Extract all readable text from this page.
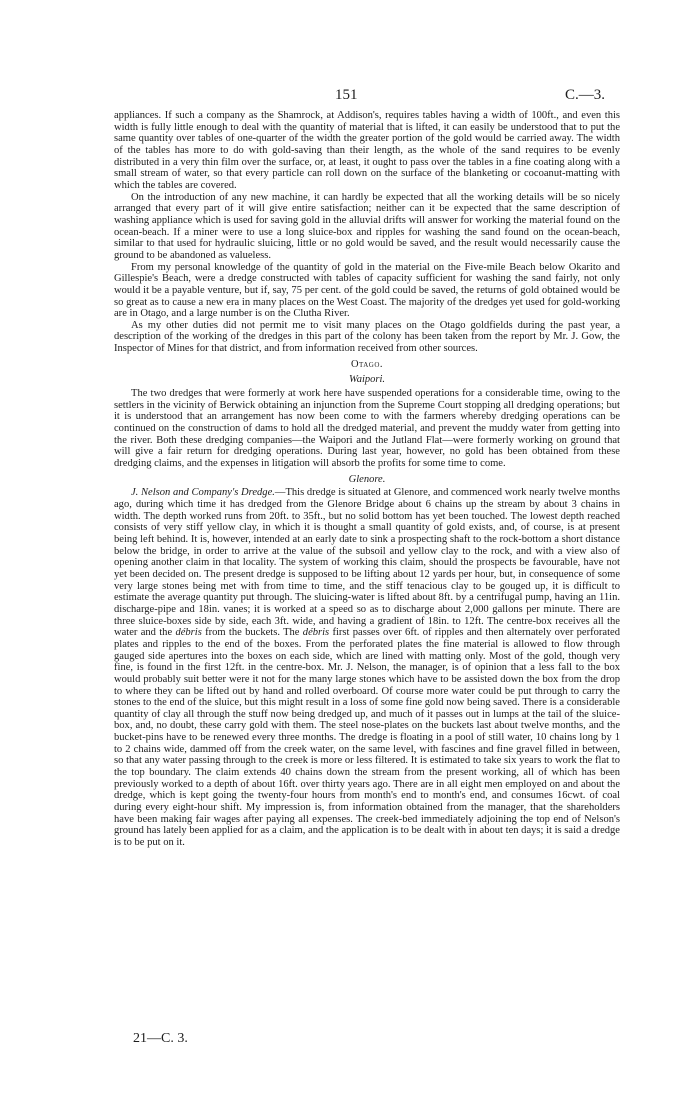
151	C.—3.

appliances. If such a company as the Shamrock, at Addison's, requires tables having a width of 100ft., and even this width is fully little enough to deal with the quantity of material that is lifted, it can easily be understood that to put the same quantity over tables of one-quarter of the width the greater portion of the gold would be carried away. The width of the tables has more to do with gold-saving than their length, as the whole of the sand requires to be evenly distributed in a very thin film over the surface, or, at least, it ought to pass over the tables in a fine coating along with a small stream of water, so that every particle can roll down on the surface of the blanketing or cocoanut-matting with which the tables are covered.

On the introduction of any new machine, it can hardly be expected that all the working details will be so nicely arranged that every part of it will give entire satisfaction; neither can it be expected that the same description of washing appliance which is used for saving gold in the alluvial drifts will answer for working the material found on the ocean-beach. If a miner were to use a long sluice-box and ripples for washing the sand found on the ocean-beach, similar to that used for hydraulic sluicing, little or no gold would be saved, and the result would necessarily cause the ground to be abandoned as valueless.

From my personal knowledge of the quantity of gold in the material on the Five-mile Beach below Okarito and Gillespie's Beach, were a dredge constructed with tables of capacity sufficient for washing the sand fairly, not only would it be a payable venture, but if, say, 75 per cent. of the gold could be saved, the returns of gold obtained would be so great as to cause a new era in many places on the West Coast. The majority of the dredges yet used for gold-working are in Otago, and a large number is on the Clutha River.

As my other duties did not permit me to visit many places on the Otago goldfields during the past year, a description of the working of the dredges in this part of the colony has been taken from the report by Mr. J. Gow, the Inspector of Mines for that district, and from information received from other sources.

Otago.
Waipori.

The two dredges that were formerly at work here have suspended operations for a considerable time, owing to the settlers in the vicinity of Berwick obtaining an injunction from the Supreme Court stopping all dredging operations; but it is understood that an arrangement has now been come to with the farmers whereby dredging operations can be continued on the construction of dams to hold all the dredged material, and prevent the muddy water from getting into the river. Both these dredging companies—the Waipori and the Jutland Flat—were formerly working on ground that will give a fair return for dredging operations. During last year, however, no gold has been obtained from these dredging claims, and the expenses in litigation will absorb the profits for some time to come.

Glenore.

J. Nelson and Company's Dredge.—This dredge is situated at Glenore, and commenced work nearly twelve months ago, during which time it has dredged from the Glenore Bridge about 6 chains up the stream by about 3 chains in width. The depth worked runs from 20ft. to 35ft., but no solid bottom has yet been touched. The lowest depth reached consists of very stiff yellow clay, in which it is thought a small quantity of gold exists, and, of course, is at present being left behind. It is, however, intended at an early date to sink a prospecting shaft to the rock-bottom a short distance below the bridge, in order to arrive at the value of the subsoil and yellow clay to the rock, and with a view also of opening another claim in that locality. The system of working this claim, should the prospects be favourable, have not yet been decided on. The present dredge is supposed to be lifting about 12 yards per hour, but, in consequence of some very large stones being met with from time to time, and the stiff tenacious clay to be gouged up, it is difficult to estimate the average quantity put through. The sluicing-water is lifted about 8ft. by a centrifugal pump, having an 11in. discharge-pipe and 18in. vanes; it is worked at a speed so as to discharge about 2,000 gallons per minute. There are three sluice-boxes side by side, each 3ft. wide, and having a gradient of 18in. to 12ft. The centre-box receives all the water and the débris from the buckets. The débris first passes over 6ft. of ripples and then alternately over perforated plates and ripples to the end of the boxes. From the perforated plates the fine material is allowed to flow through gauged side apertures into the boxes on each side, which are lined with matting only. Most of the gold, though very fine, is found in the first 12ft. in the centre-box. Mr. J. Nelson, the manager, is of opinion that a less fall to the box would probably suit better were it not for the many large stones which have to be assisted down the box from the drop to where they can be lifted out by hand and rolled overboard. Of course more water could be put through to carry the stones to the end of the sluice, but this might result in a loss of some fine gold now being saved. There is a considerable quantity of clay all through the stuff now being dredged up, and much of it passes out in lumps at the tail of the sluice-box, and, no doubt, these carry gold with them. The steel nose-plates on the buckets last about twelve months, and the bucket-pins have to be renewed every three months. The dredge is floating in a pool of still water, 10 chains long by 1 to 2 chains wide, dammed off from the creek water, on the same level, with fascines and fine gravel filled in between, so that any water passing through to the creek is more or less filtered. It is estimated to take six years to work the flat to the top boundary. The claim extends 40 chains down the stream from the present working, all of which has been previously worked to a depth of about 16ft. over thirty years ago. There are in all eight men employed on and about the dredge, which is kept going the twenty-four hours from month's end to month's end, and consumes 16cwt. of coal during every eight-hour shift. My impression is, from information obtained from the manager, that the shareholders have been making fair wages after paying all expenses. The creek-bed immediately adjoining the top end of Nelson's ground has lately been applied for as a claim, and the application is to be dealt with in about ten days; it is said a dredge is to be put on it.

21—C. 3.
